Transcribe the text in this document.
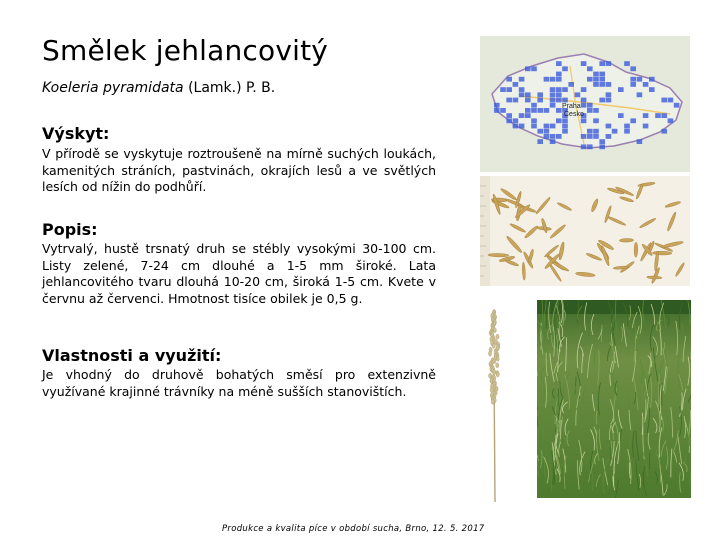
Smělek jehlancovitý
Koeleria pyramidata (Lamk.) P. B.
Výskyt:
V přírodě se vyskytuje roztroušeně na mírně suchých loukách, kamenitých stráních, pastvinách, okrajích lesů a ve světlých lesích od nížin do podhůří.
Popis:
Vytrvalý, hustě trsnatý druh se stébly vysokými 30-100 cm. Listy zelené, 7-24 cm dlouhé a 1-5 mm široké. Lata jehlancovitého tvaru dlouhá 10-20 cm, široká 1-5 cm. Kvete v červnu až červenci. Hmotnost tisíce obilek je 0,5 g.
Vlastnosti a využití:
Je vhodný do druhově bohatých směsí pro extenzivně využívané krajinné trávníky na méně sušších stanovištích.
Praha
Česko
Produkce a kvalita píce v období sucha, Brno, 12. 5. 2017
